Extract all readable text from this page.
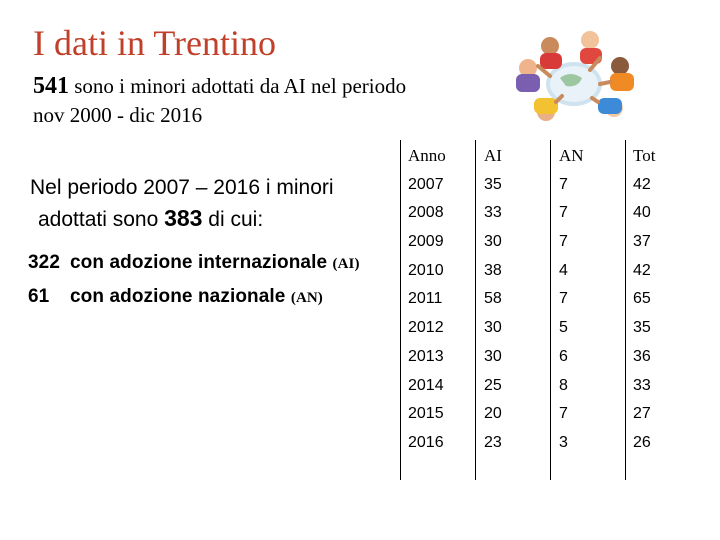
I dati in Trentino
541 sono i minori adottati da AI nel periodo
nov 2000 - dic 2016
Nel periodo 2007 – 2016 i minori
adottati sono 383 di cui:
322 con adozione internazionale (AI)
61 con adozione nazionale (AN)
Anno
2007
2008
2009
2010
2011
2012
2013
2014
2015
2016
AI
35
33
30
38
58
30
30
25
20
23
AN
7
7
7
4
7
5
6
8
7
3
Tot
42
40
37
42
65
35
36
33
27
26
